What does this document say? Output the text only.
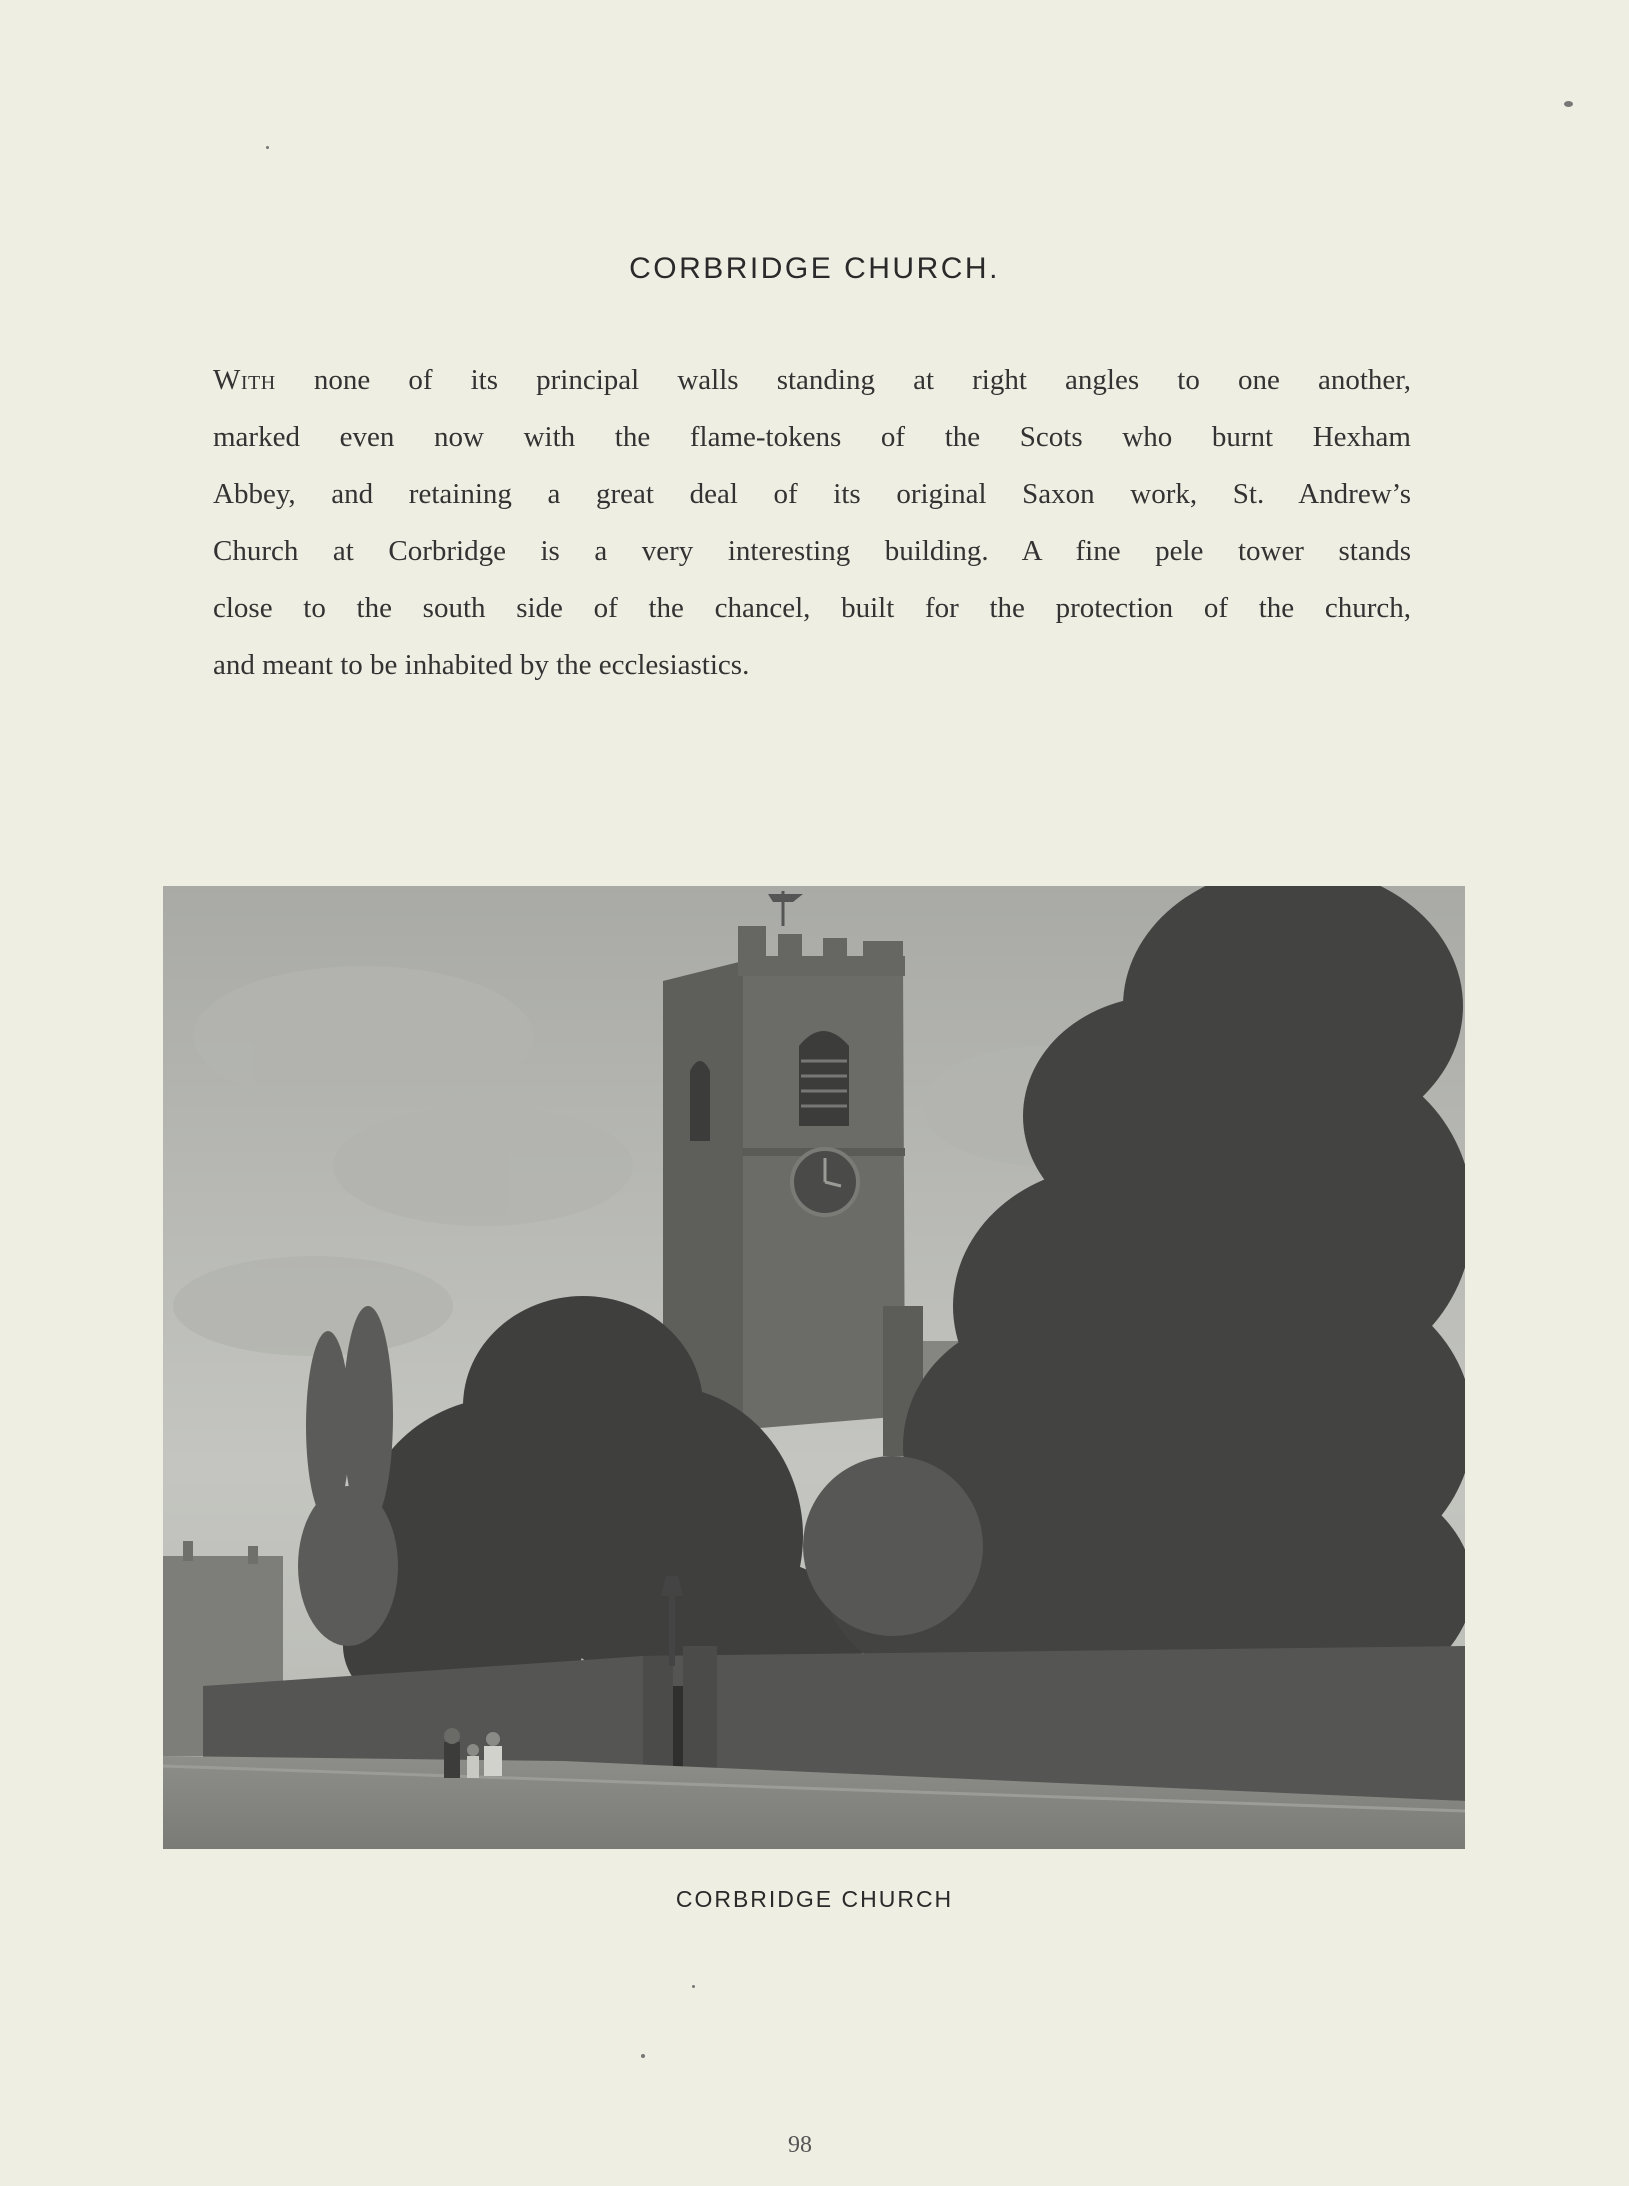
CORBRIDGE CHURCH.
With none of its principal walls standing at right angles to one another,
marked even now with the flame-tokens of the Scots who burnt Hexham
Abbey, and retaining a great deal of its original Saxon work, St. Andrew’s
Church at Corbridge is a very interesting building. A fine pele tower stands
close to the south side of the chancel, built for the protection of the church,
and meant to be inhabited by the ecclesiastics.
CORBRIDGE CHURCH
98
